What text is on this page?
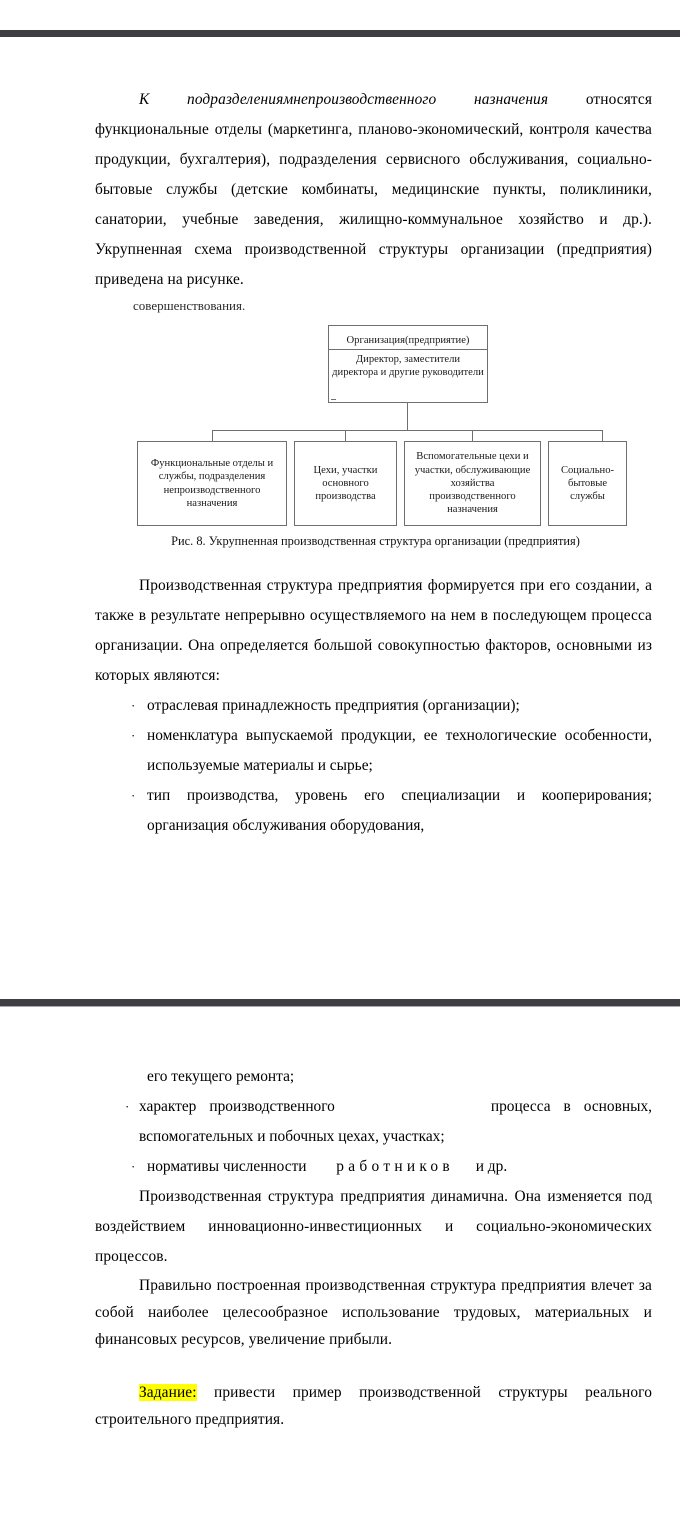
К подразделениямнепроизводственного назначения относятся функциональные отделы (маркетинга, планово-экономический, контроля качества продукции, бухгалтерия), подразделения сервисного обслуживания, социально-бытовые службы (детские комбинаты, медицинские пункты, поликлиники, санатории, учебные заведения, жилищно-коммунальное хозяйство и др.). Укрупненная схема производственной структуры организации (предприятия) приведена на рисунке.

совершенствования.
Организация(предприятие)
Директор, заместители директора и другие руководители
Функциональные отделы и службы, подразделения непроизводственного назначения
Цехи, участки основного производства
Вспомогательные цехи и участки, обслуживающие хозяйства производственного назначения
Социально-бытовые службы
Рис. 8. Укрупненная производственная структура организации (предприятия)

Производственная структура предприятия формируется при его создании, а также в результате непрерывно осуществляемого на нем в последующем процесса организации. Она определяется большой совокупностью факторов, основными из которых являются:

· отраслевая принадлежность предприятия (организации);
· номенклатура выпускаемой продукции, ее технологические особенности, используемые материалы и сырье;
· тип производства, уровень его специализации и кооперирования; организация обслуживания оборудования,

его текущего ремонта;

· характер производственного	процесса в основных, вспомогательных и побочных цехах, участках;
· нормативы численности работников и др.

Производственная структура предприятия динамична. Она изменяется под воздействием инновационно-инвестиционных и социально-экономических процессов.

Правильно построенная производственная структура предприятия влечет за собой наиболее целесообразное использование трудовых, материальных и финансовых ресурсов, увеличение прибыли.

Задание: привести пример производственной структуры реального строительного предприятия.
